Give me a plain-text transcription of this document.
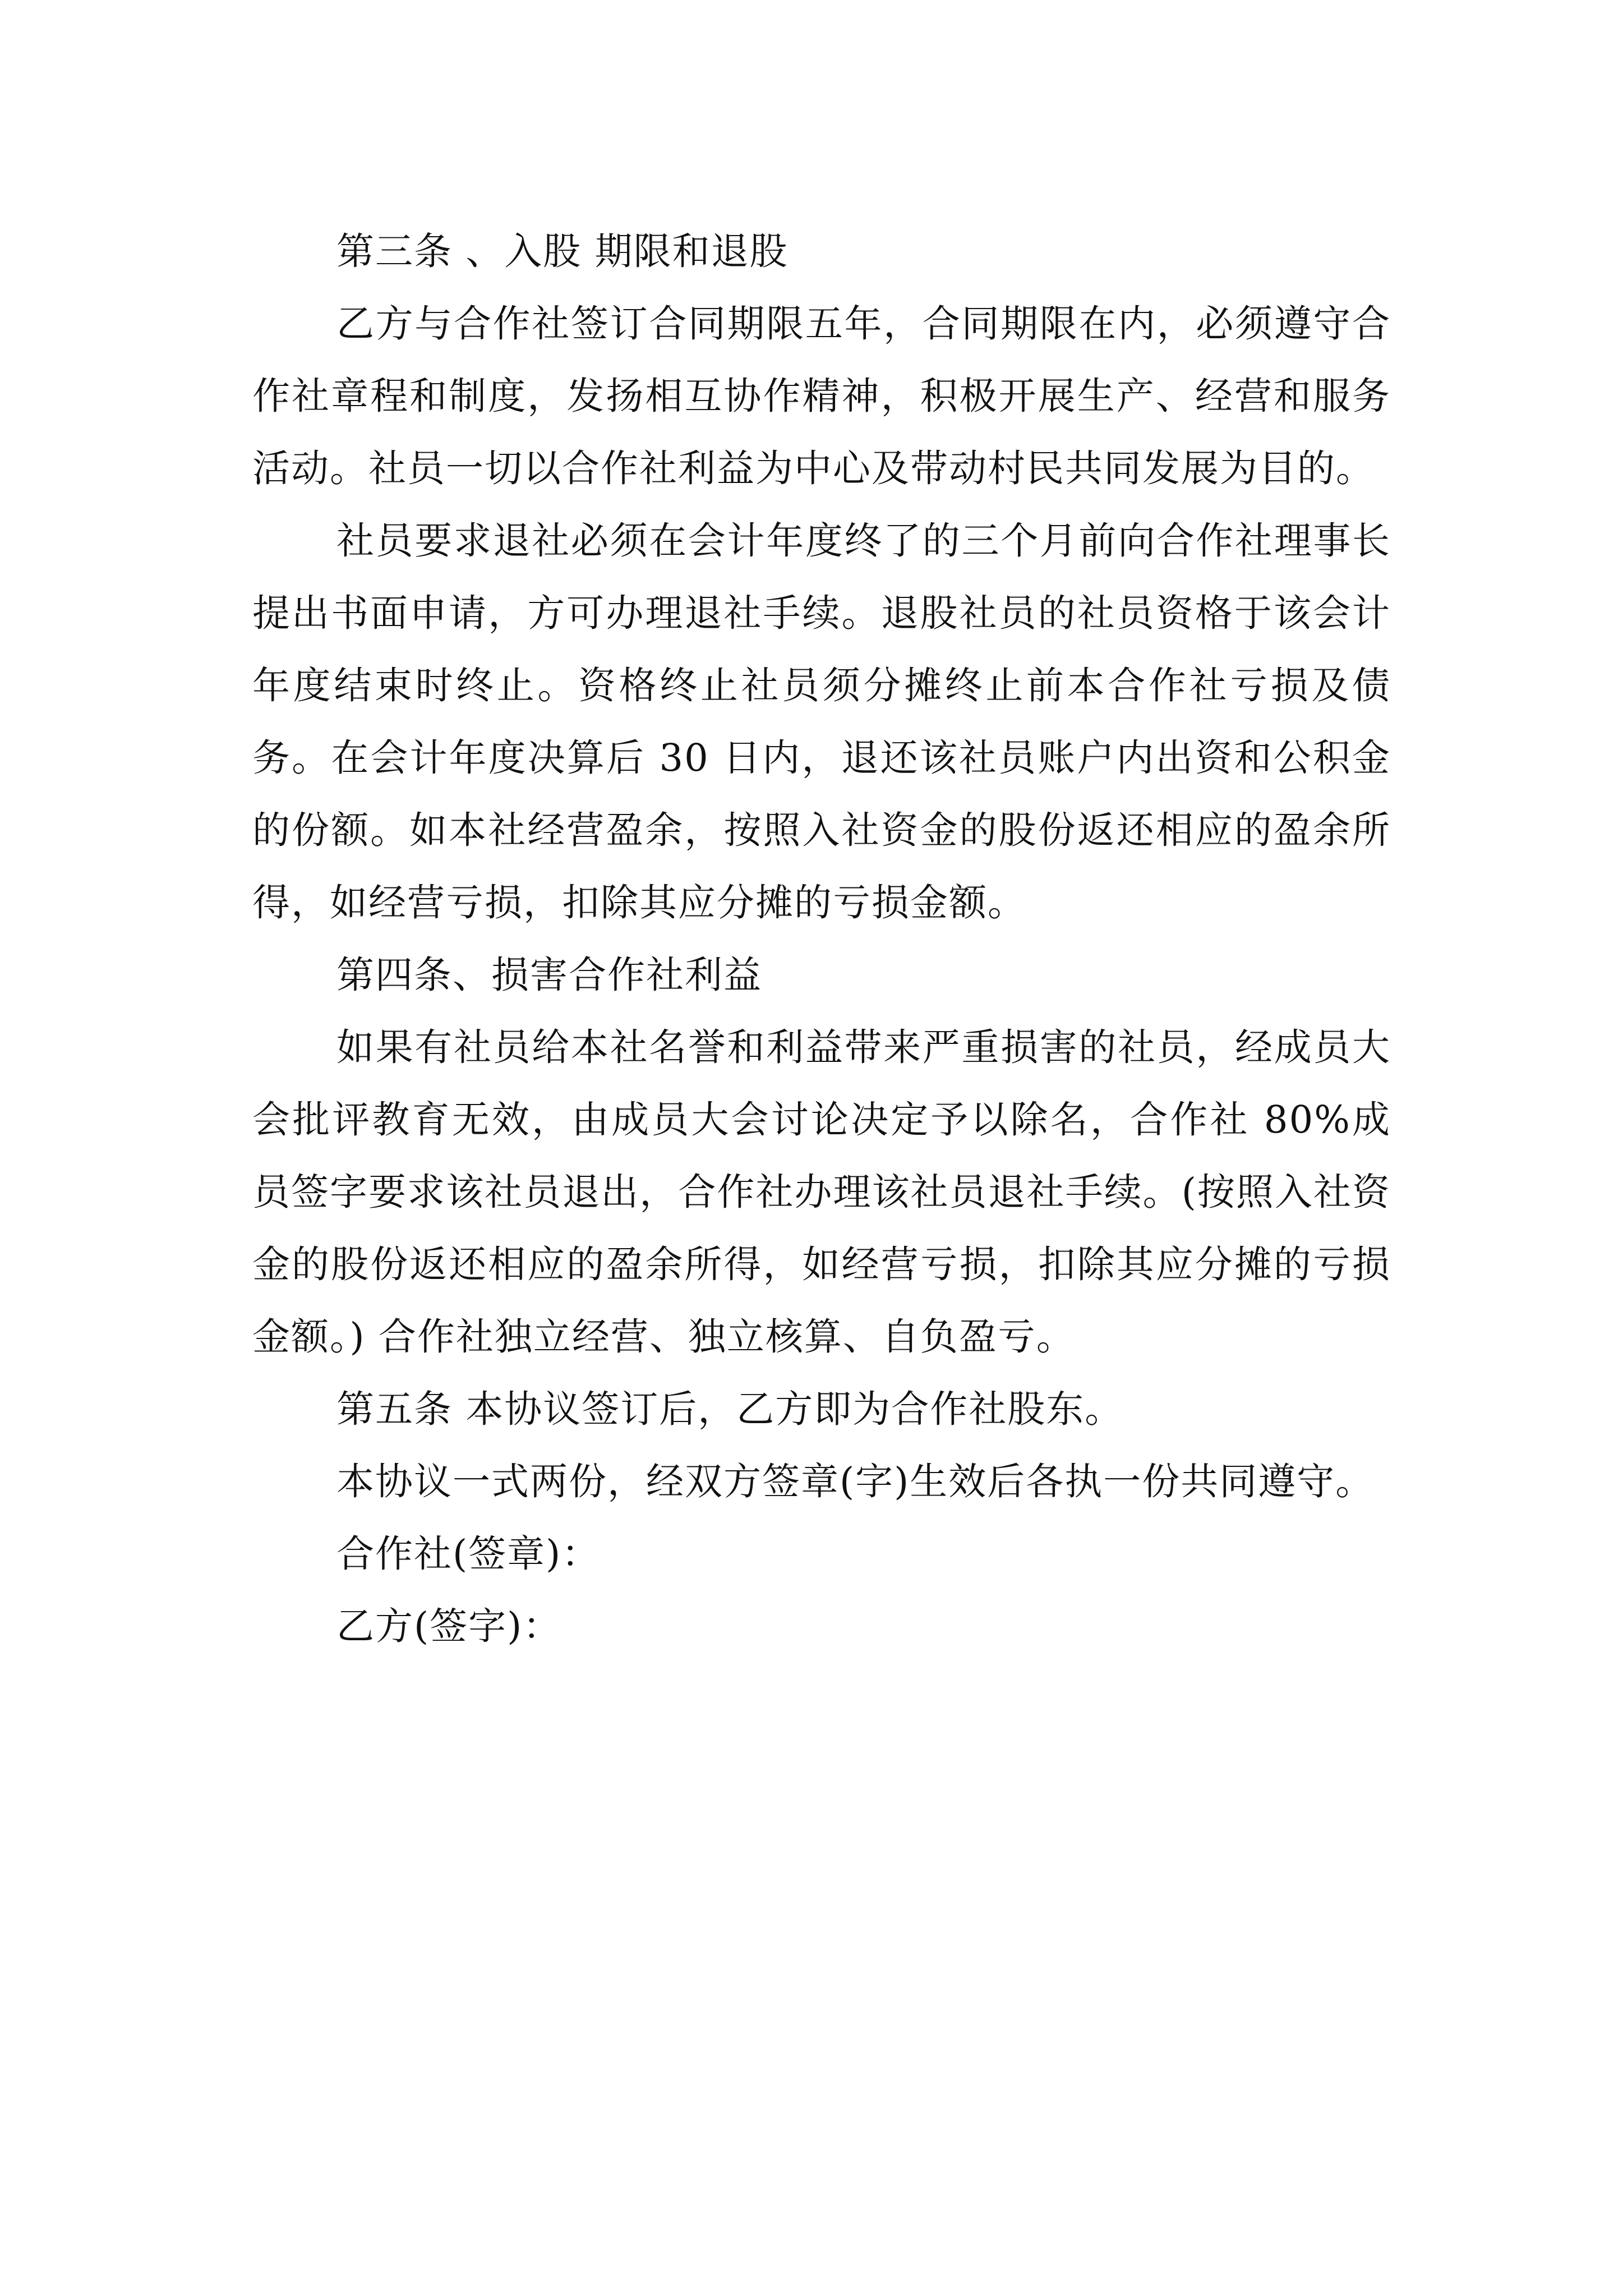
第三条 、入股 期限和退股

乙方与合作社签订合同期限五年，合同期限在内，必须遵守合作社章程和制度，发扬相互协作精神，积极开展生产、经营和服务活动。社员一切以合作社利益为中心及带动村民共同发展为目的。

社员要求退社必须在会计年度终了的三个月前向合作社理事长提出书面申请，方可办理退社手续。退股社员的社员资格于该会计年度结束时终止。资格终止社员须分摊终止前本合作社亏损及债务。在会计年度决算后 30 日内，退还该社员账户内出资和公积金的份额。如本社经营盈余，按照入社资金的股份返还相应的盈余所得，如经营亏损，扣除其应分摊的亏损金额。

第四条、损害合作社利益

如果有社员给本社名誉和利益带来严重损害的社员，经成员大会批评教育无效，由成员大会讨论决定予以除名，合作社 80%成员签字要求该社员退出，合作社办理该社员退社手续。(按照入社资金的股份返还相应的盈余所得，如经营亏损，扣除其应分摊的亏损金额。) 合作社独立经营、独立核算、自负盈亏。

第五条 本协议签订后，乙方即为合作社股东。

本协议一式两份，经双方签章(字)生效后各执一份共同遵守。

合作社(签章)：

乙方(签字)：
